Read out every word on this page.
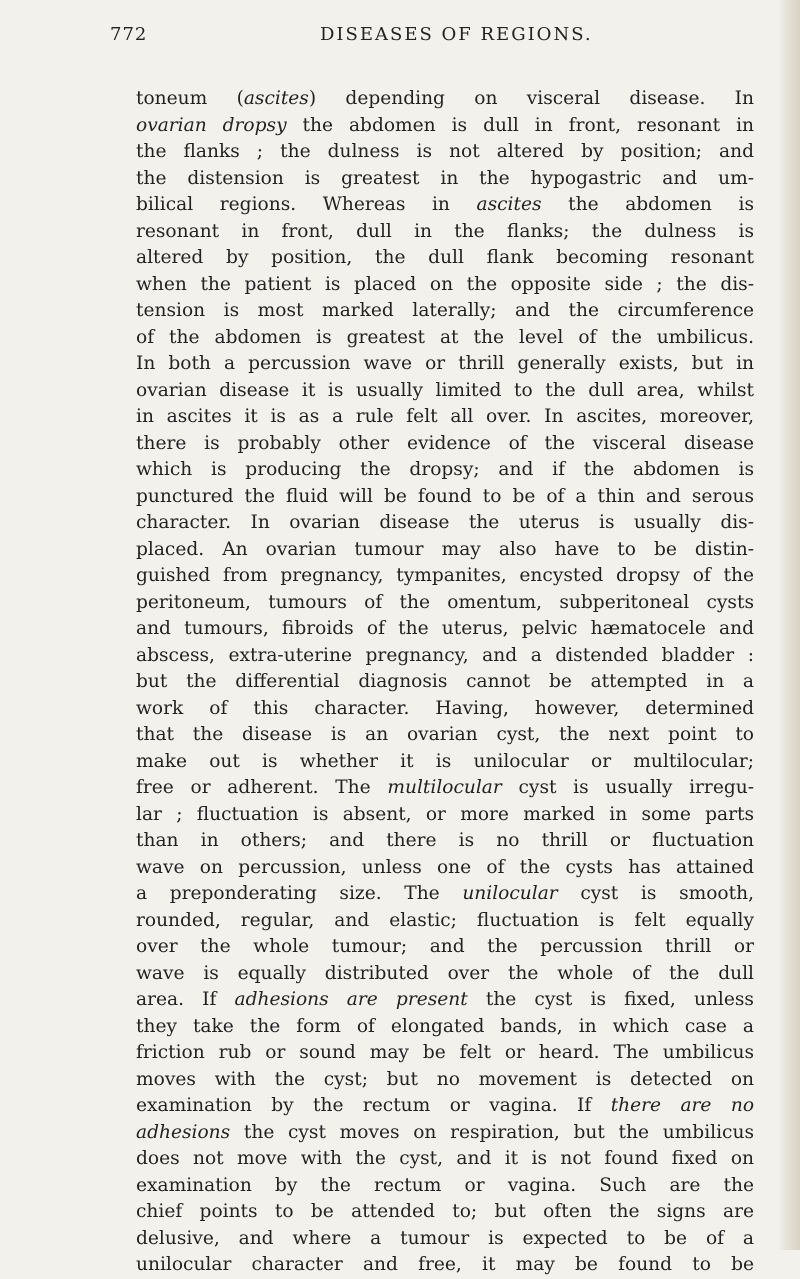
772	DISEASES OF REGIONS.
toneum (ascites) depending on visceral disease. In
ovarian dropsy the abdomen is dull in front, resonant in
the flanks ; the dulness is not altered by position; and
the distension is greatest in the hypogastric and um-
bilical regions. Whereas in ascites the abdomen is
resonant in front, dull in the flanks; the dulness is
altered by position, the dull flank becoming resonant
when the patient is placed on the opposite side ; the dis-
tension is most marked laterally; and the circumference
of the abdomen is greatest at the level of the umbilicus.
In both a percussion wave or thrill generally exists, but in
ovarian disease it is usually limited to the dull area, whilst
in ascites it is as a rule felt all over. In ascites, moreover,
there is probably other evidence of the visceral disease
which is producing the dropsy; and if the abdomen is
punctured the fluid will be found to be of a thin and serous
character. In ovarian disease the uterus is usually dis-
placed. An ovarian tumour may also have to be distin-
guished from pregnancy, tympanites, encysted dropsy of the
peritoneum, tumours of the omentum, subperitoneal cysts
and tumours, fibroids of the uterus, pelvic hæmatocele and
abscess, extra-uterine pregnancy, and a distended bladder :
but the differential diagnosis cannot be attempted in a
work of this character. Having, however, determined
that the disease is an ovarian cyst, the next point to
make out is whether it is unilocular or multilocular;
free or adherent. The multilocular cyst is usually irregu-
lar ; fluctuation is absent, or more marked in some parts
than in others; and there is no thrill or fluctuation
wave on percussion, unless one of the cysts has attained
a preponderating size. The unilocular cyst is smooth,
rounded, regular, and elastic; fluctuation is felt equally
over the whole tumour; and the percussion thrill or
wave is equally distributed over the whole of the dull
area. If adhesions are present the cyst is fixed, unless
they take the form of elongated bands, in which case a
friction rub or sound may be felt or heard. The umbilicus
moves with the cyst; but no movement is detected on
examination by the rectum or vagina. If there are no
adhesions the cyst moves on respiration, but the umbilicus
does not move with the cyst, and it is not found fixed on
examination by the rectum or vagina. Such are the
chief points to be attended to; but often the signs are
delusive, and where a tumour is expected to be of a
unilocular character and free, it may be found to be
